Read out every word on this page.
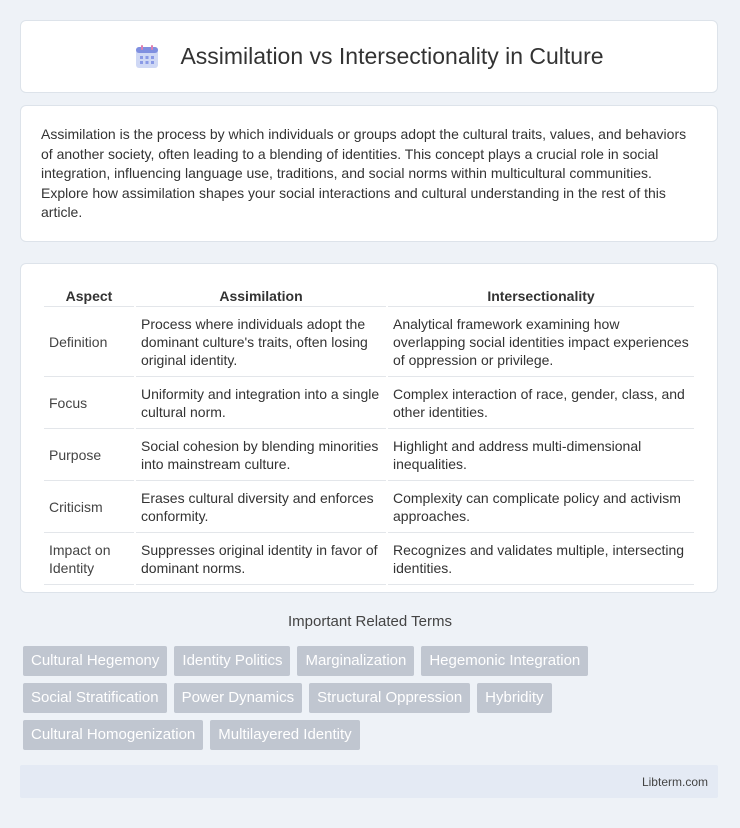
Assimilation vs Intersectionality in Culture

Assimilation is the process by which individuals or groups adopt the cultural traits, values, and behaviors of another society, often leading to a blending of identities. This concept plays a crucial role in social integration, influencing language use, traditions, and social norms within multicultural communities. Explore how assimilation shapes your social interactions and cultural understanding in the rest of this article.

Aspect	Assimilation	Intersectionality
Definition	Process where individuals adopt the dominant culture's traits, often losing original identity.	Analytical framework examining how overlapping social identities impact experiences of oppression or privilege.
Focus	Uniformity and integration into a single cultural norm.	Complex interaction of race, gender, class, and other identities.
Purpose	Social cohesion by blending minorities into mainstream culture.	Highlight and address multi-dimensional inequalities.
Criticism	Erases cultural diversity and enforces conformity.	Complexity can complicate policy and activism approaches.
Impact on Identity	Suppresses original identity in favor of dominant norms.	Recognizes and validates multiple, intersecting identities.
Important Related Terms
Cultural Hegemony	Identity Politics	Marginalization	Hegemonic Integration
Social Stratification	Power Dynamics	Structural Oppression	Hybridity
Cultural Homogenization	Multilayered Identity
Libterm.com
